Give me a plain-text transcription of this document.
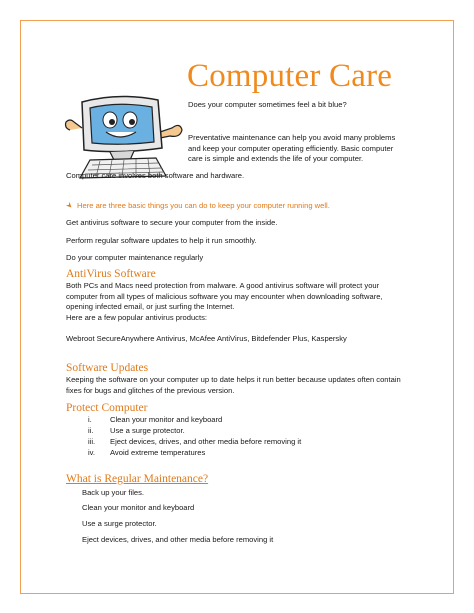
Computer Care
Does your computer sometimes feel a bit blue?
Preventative maintenance can help you avoid many problems
and keep your computer operating efficiently. Basic computer
care is simple and extends the life of your computer.
Computer care involves both software and hardware.
Here are three basic things you can do to keep your computer running well.
Get antivirus software to secure your computer from the inside.
Perform regular software updates to help it run smoothly.
Do your computer maintenance regularly
AntiVirus Software
Both PCs and Macs need protection from malware. A good antivirus software will protect your
computer from all types of malicious software you may encounter when downloading software,
opening infected email, or just surfing the Internet.
Here are a few popular antivirus products:
Webroot SecureAnywhere Antivirus, McAfee AntiVirus, Bitdefender Plus, Kaspersky
Software Updates
Keeping the software on your computer up to date helps it run better because updates often contain
fixes for bugs and glitches of the previous version.
Protect Computer
i. Clean your monitor and keyboard
ii. Use a surge protector.
iii. Eject devices, drives, and other media before removing it
iv. Avoid extreme temperatures
What is Regular Maintenance?
Back up your files.
Clean your monitor and keyboard
Use a surge protector.
Eject devices, drives, and other media before removing it
